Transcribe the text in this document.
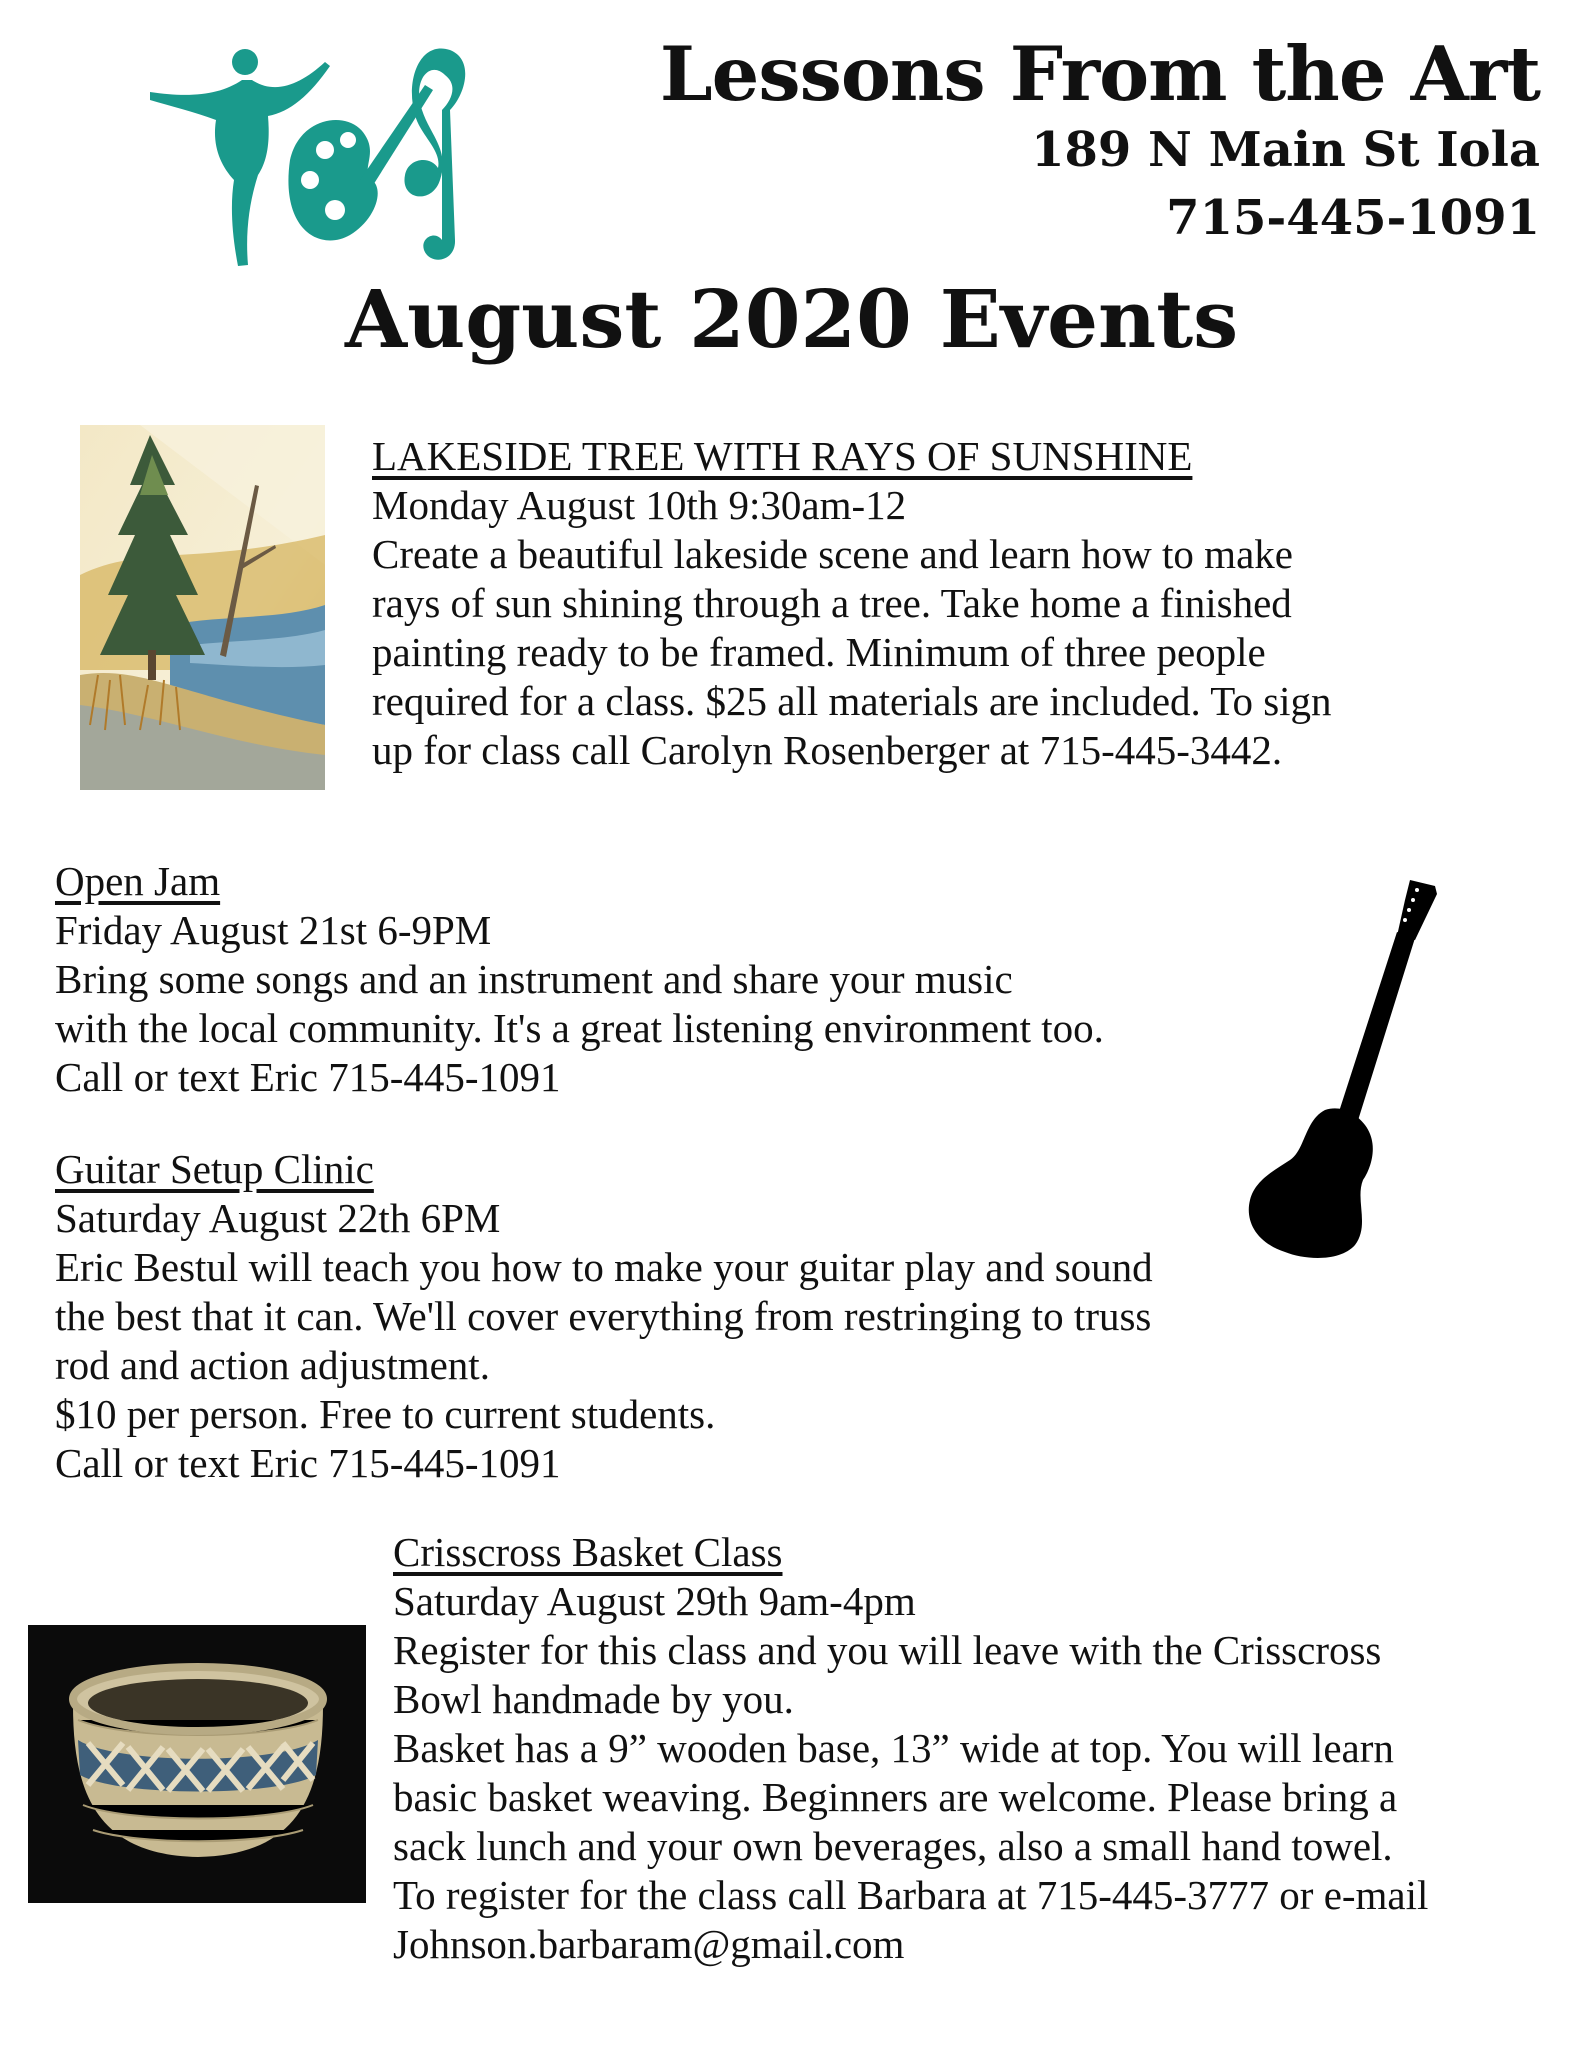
Lessons From the Art
189 N Main St Iola
715-445-1091
August 2020 Events
LAKESIDE TREE WITH RAYS OF SUNSHINE
Monday August 10th 9:30am-12
Create a beautiful lakeside scene and learn how to make
rays of sun shining through a tree. Take home a finished
painting ready to be framed. Minimum of three people
required for a class. $25 all materials are included. To sign
up for class call Carolyn Rosenberger at 715-445-3442.
Open Jam
Friday August 21st 6-9PM
Bring some songs and an instrument and share your music
with the local community. It's a great listening environment too.
Call or text Eric 715-445-1091
Guitar Setup Clinic
Saturday August 22th 6PM
Eric Bestul will teach you how to make your guitar play and sound
the best that it can. We'll cover everything from restringing to truss
rod and action adjustment.
$10 per person. Free to current students.
Call or text Eric 715-445-1091
Crisscross Basket Class
Saturday August 29th 9am-4pm
Register for this class and you will leave with the Crisscross
Bowl handmade by you.
Basket has a 9” wooden base, 13” wide at top. You will learn
basic basket weaving. Beginners are welcome. Please bring a
sack lunch and your own beverages, also a small hand towel.
To register for the class call Barbara at 715-445-3777 or e-mail
Johnson.barbaram@gmail.com
